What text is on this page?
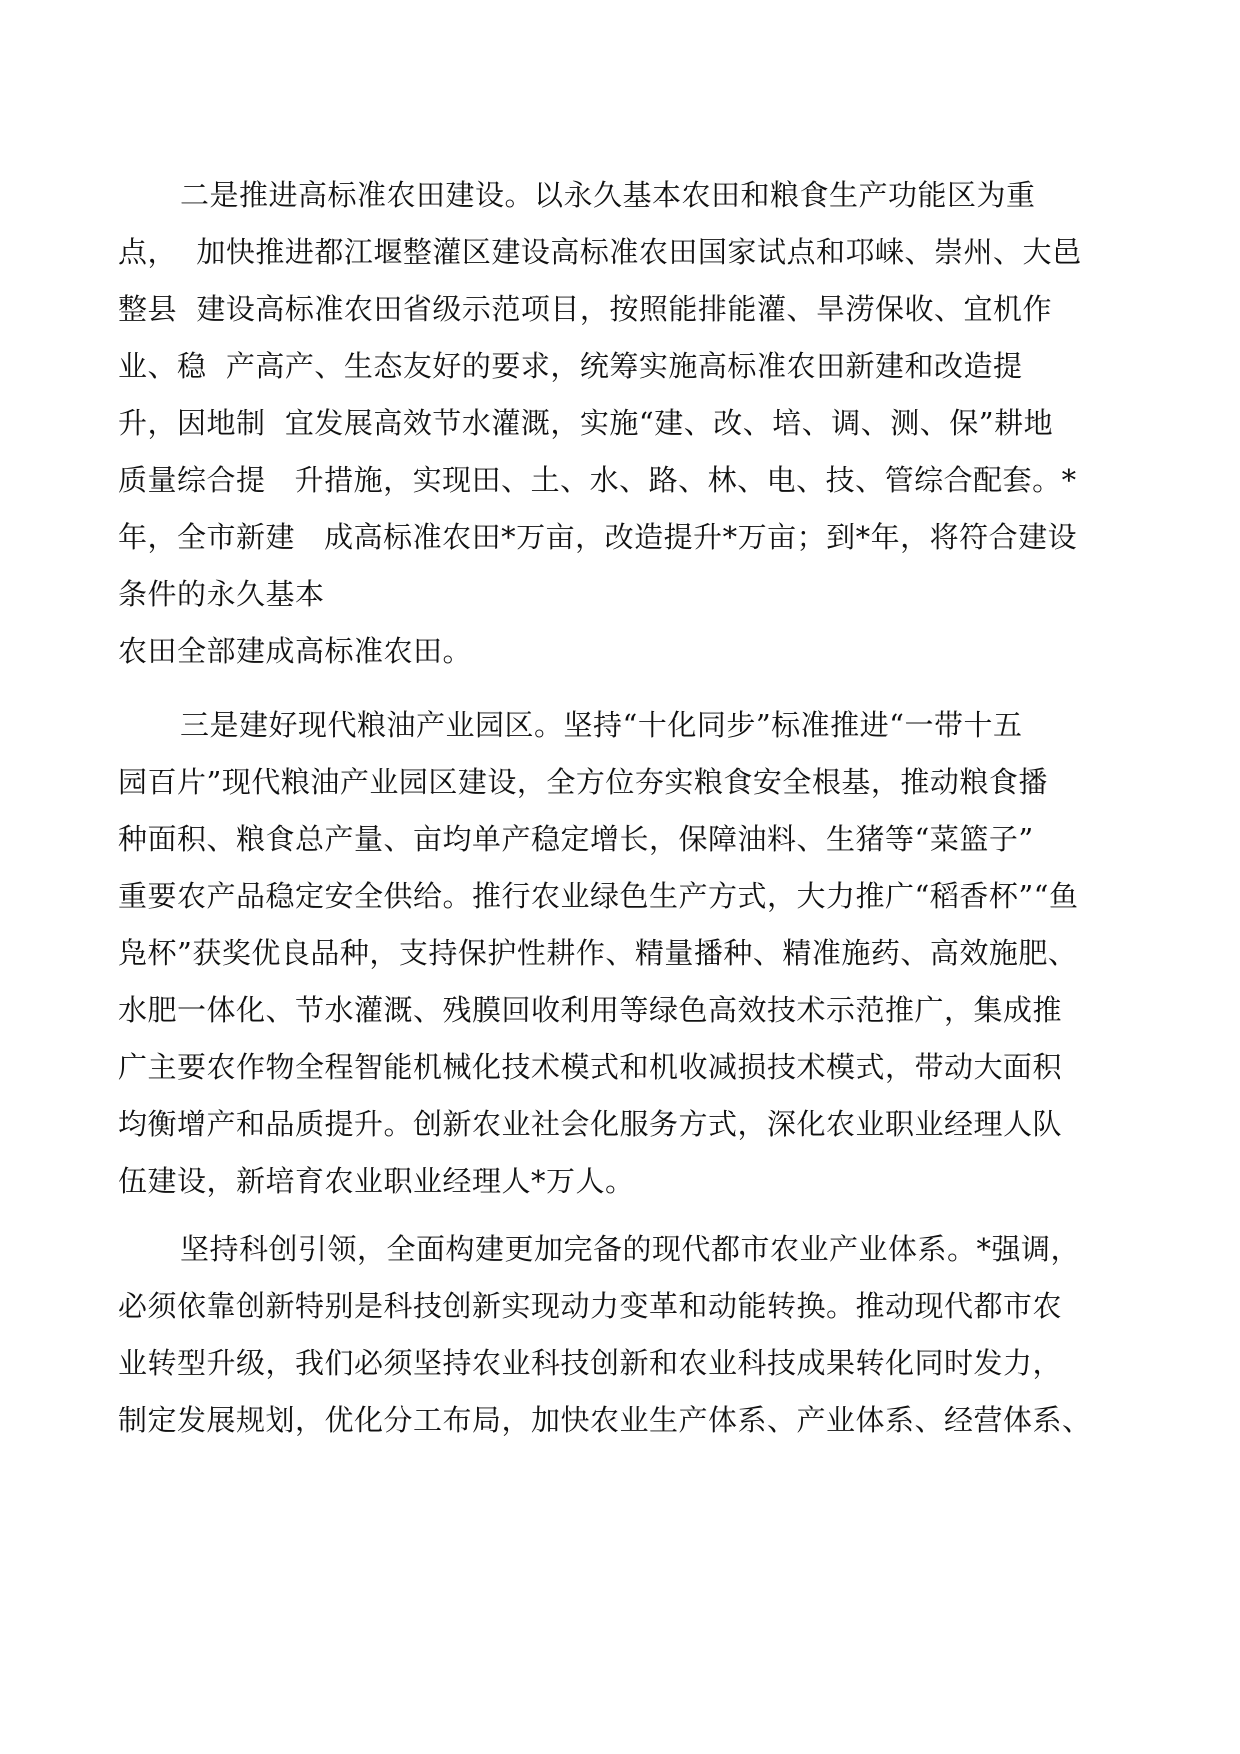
二是推进高标准农田建设。以永久基本农田和粮食生产功能区为重
点，  加快推进都江堰整灌区建设高标准农田国家试点和邛崃、崇州、大邑
整县  建设高标准农田省级示范项目，按照能排能灌、旱涝保收、宜机作
业、稳  产高产、生态友好的要求，统筹实施高标准农田新建和改造提
升，因地制  宜发展高效节水灌溉，实施“建、改、培、调、测、保”耕地
质量综合提   升措施，实现田、土、水、路、林、电、技、管综合配套。*
年，全市新建   成高标准农田*万亩，改造提升*万亩；到*年，将符合建设
条件的永久基本
农田全部建成高标准农田。
三是建好现代粮油产业园区。坚持“十化同步”标准推进“一带十五
园百片”现代粮油产业园区建设，全方位夯实粮食安全根基，推动粮食播
种面积、粮食总产量、亩均单产稳定增长，保障油料、生猪等“菜篮子”
重要农产品稳定安全供给。推行农业绿色生产方式，大力推广“稻香杯”“鱼
凫杯”获奖优良品种，支持保护性耕作、精量播种、精准施药、高效施肥、
水肥一体化、节水灌溉、残膜回收利用等绿色高效技术示范推广，集成推
广主要农作物全程智能机械化技术模式和机收减损技术模式，带动大面积
均衡增产和品质提升。创新农业社会化服务方式，深化农业职业经理人队
伍建设，新培育农业职业经理人*万人。
坚持科创引领，全面构建更加完备的现代都市农业产业体系。*强调，
必须依靠创新特别是科技创新实现动力变革和动能转换。推动现代都市农
业转型升级，我们必须坚持农业科技创新和农业科技成果转化同时发力，
制定发展规划，优化分工布局，加快农业生产体系、产业体系、经营体系、
